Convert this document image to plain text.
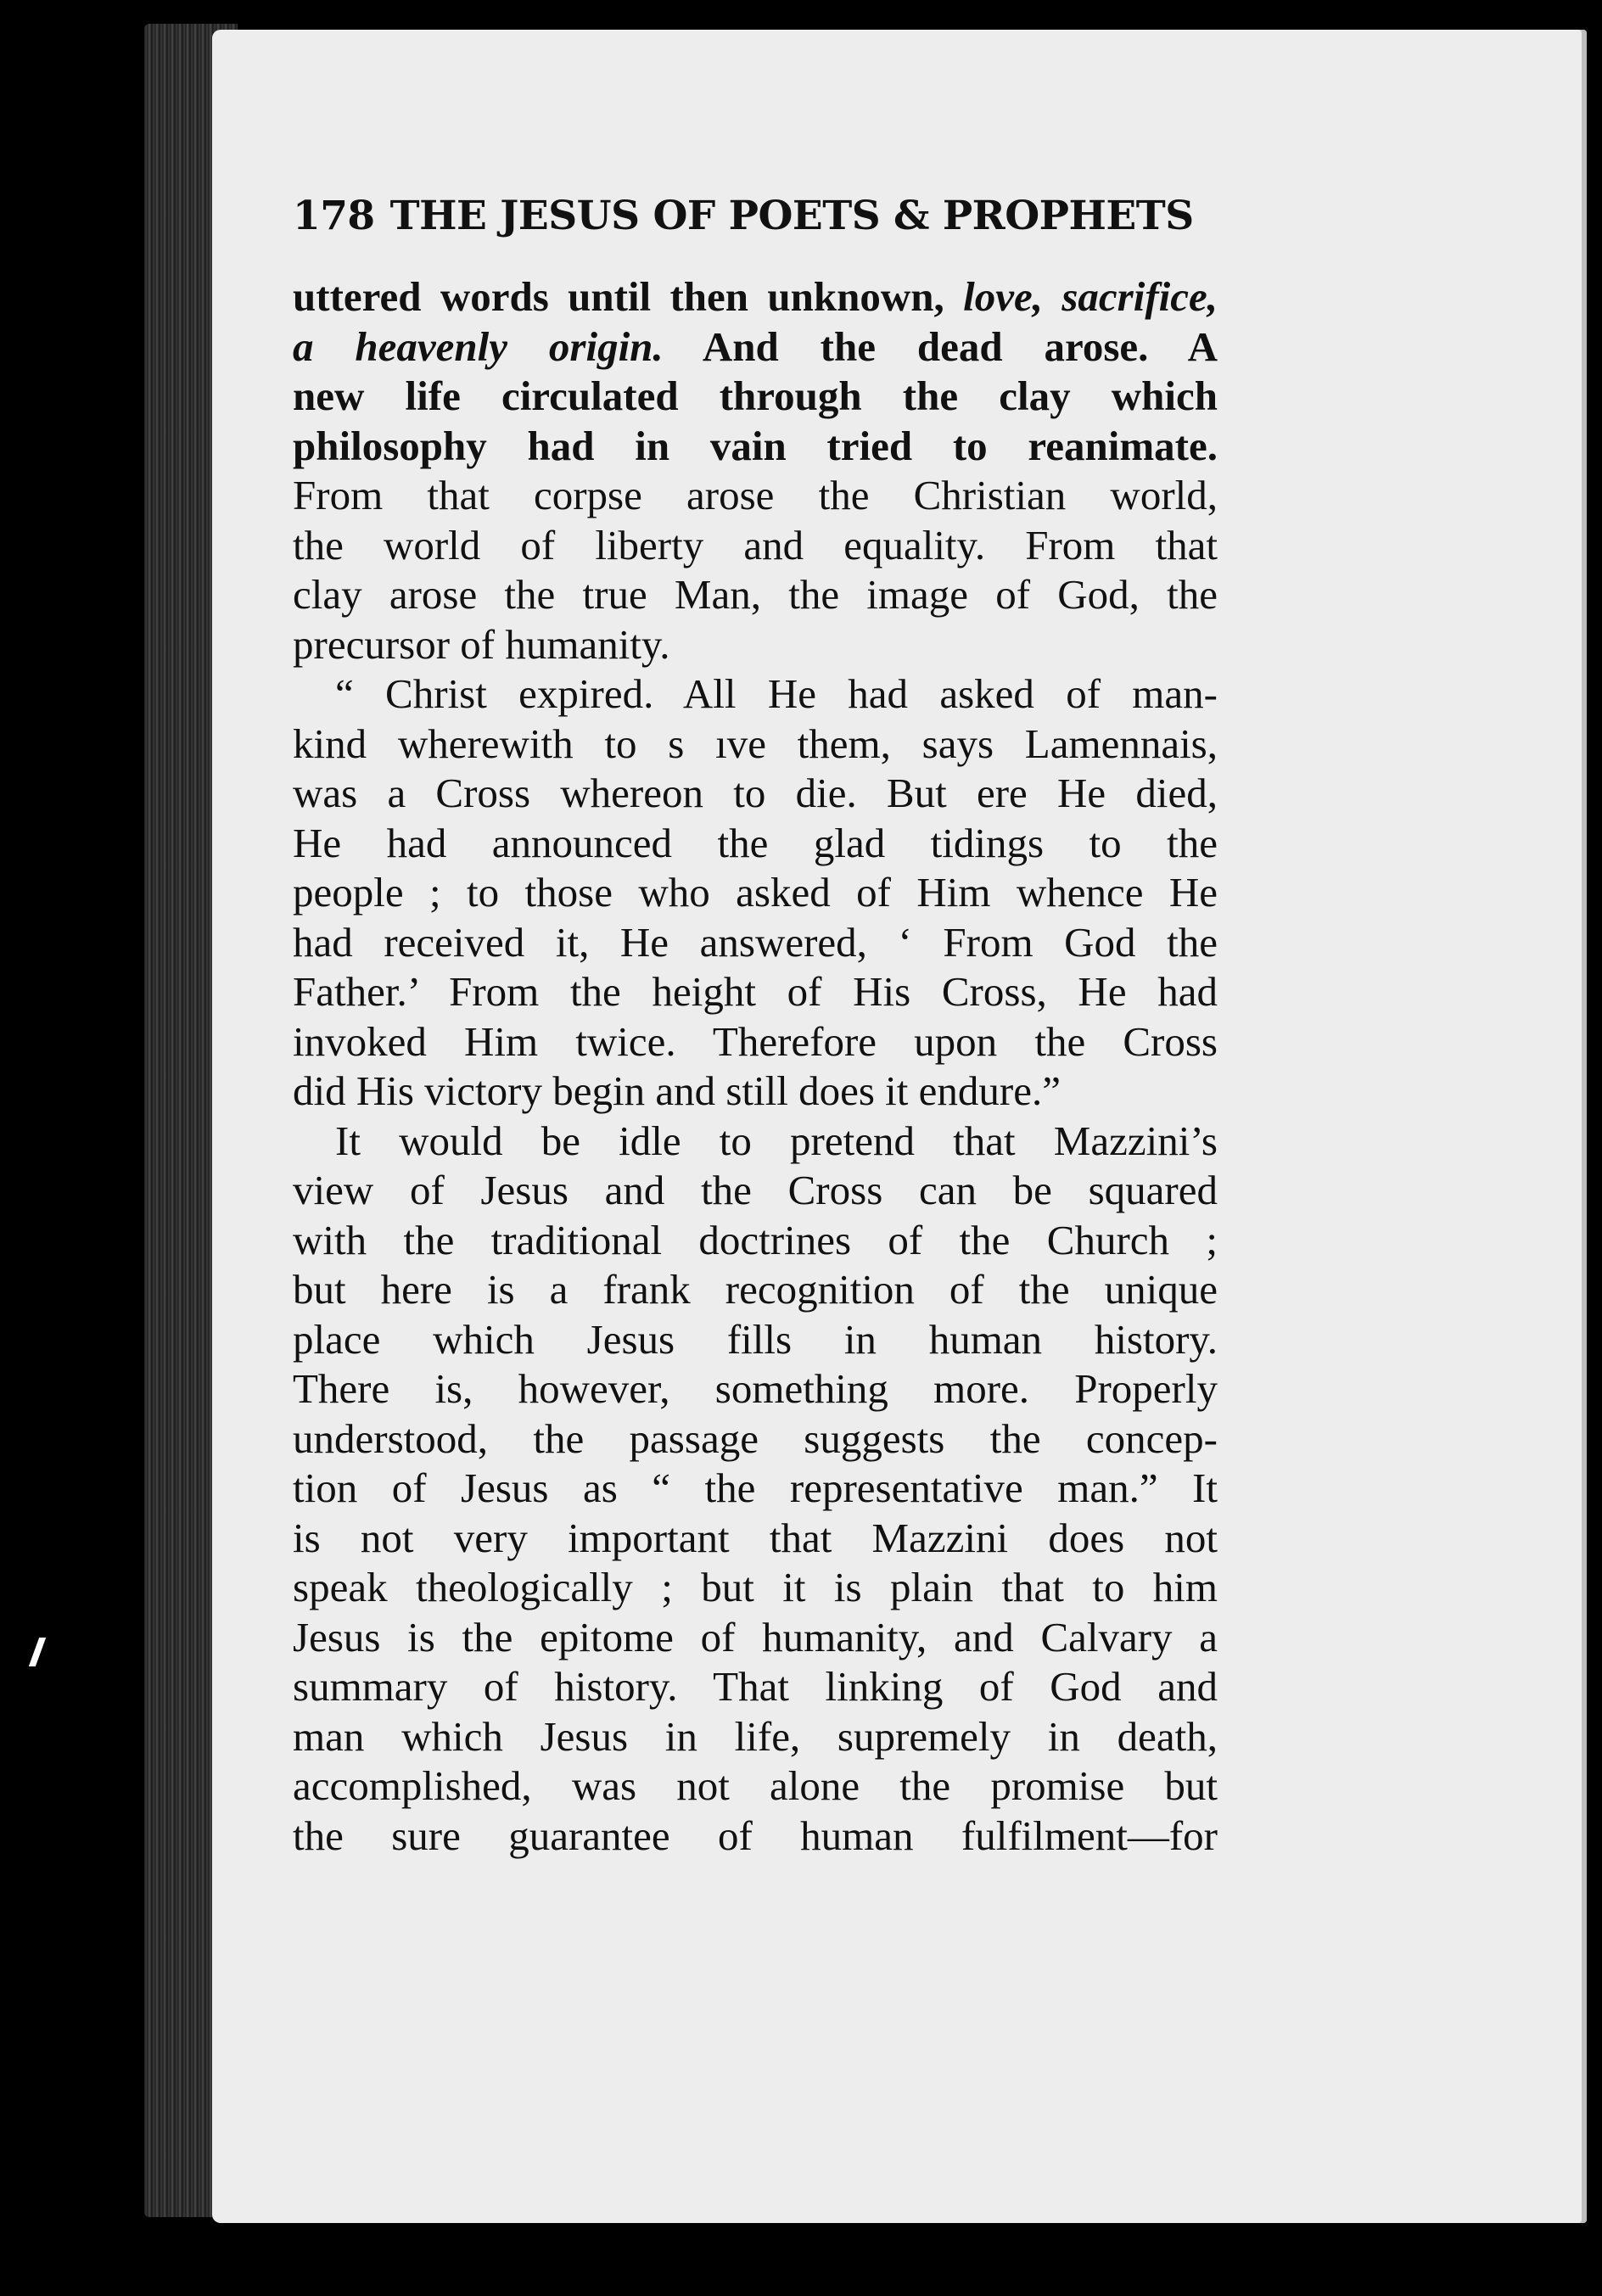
178 THE JESUS OF POETS & PROPHETS
uttered words until then unknown, love, sacrifice,
a heavenly origin. And the dead arose. A
new life circulated through the clay which
philosophy had in vain tried to reanimate.
From that corpse arose the Christian world,
the world of liberty and equality. From that
clay arose the true Man, the image of God, the
precursor of humanity.
“ Christ expired. All He had asked of man-
kind wherewith to s ıve them, says Lamennais,
was a Cross whereon to die. But ere He died,
He had announced the glad tidings to the
people ; to those who asked of Him whence He
had received it, He answered, ‘ From God the
Father.’ From the height of His Cross, He had
invoked Him twice. Therefore upon the Cross
did His victory begin and still does it endure.”
It would be idle to pretend that Mazzini’s
view of Jesus and the Cross can be squared
with the traditional doctrines of the Church ;
but here is a frank recognition of the unique
place which Jesus fills in human history.
There is, however, something more. Properly
understood, the passage suggests the concep-
tion of Jesus as “ the representative man.” It
is not very important that Mazzini does not
speak theologically ; but it is plain that to him
Jesus is the epitome of humanity, and Calvary a
summary of history. That linking of God and
man which Jesus in life, supremely in death,
accomplished, was not alone the promise but
the sure guarantee of human fulfilment—for
